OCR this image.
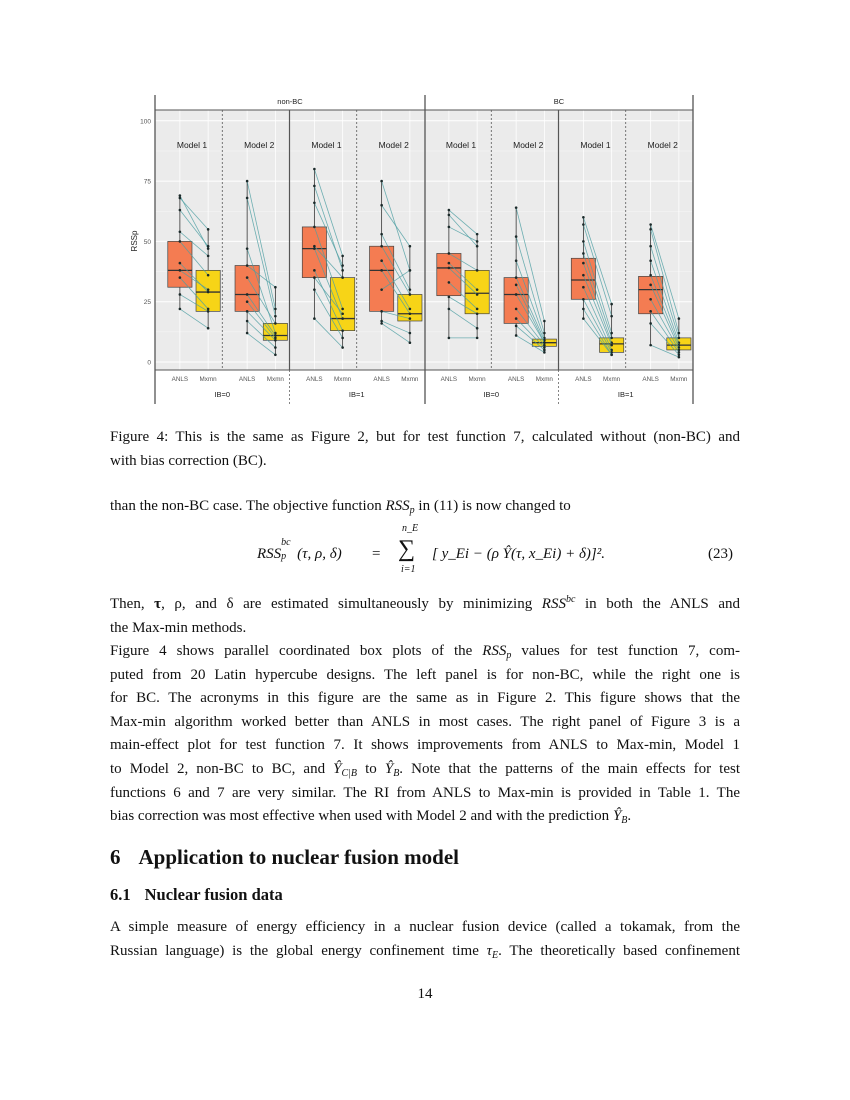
0
25
50
75
100
RSSp
Model 1
ANLS Mxmn
Model 2
ANLS Mxmn
Model 1
ANLS Mxmn
Model 2
ANLS Mxmn
Model 1
ANLS Mxmn
Model 2
ANLS Mxmn
Model 1
ANLS Mxmn
Model 2
ANLS Mxmn
non-BC	BC
IB=0	IB=1	IB=0	IB=1
Figure 4: This is the same as Figure 2, but for test function 7, calculated without (non-BC) and
with bias correction (BC).
than the non-BC case. The objective function $RSS_p$ in (11) is now changed to
RSS
bc
p (τ, ρ, δ) =
n_E
∑
i=1
[ y_Ei − (ρ Ŷ(τ, x_Ei) + δ)]².	(23)
Then, τ, ρ, and δ are estimated simultaneously by minimizing $RSS^{bc}$ in both the ANLS and
the Max-min methods.
Figure 4 shows parallel coordinated box plots of the $RSS_p$ values for test function 7, com-
puted from 20 Latin hypercube designs. The left panel is for non-BC, while the right one is
for BC. The acronyms in this figure are the same as in Figure 2. This figure shows that the
Max-min algorithm worked better than ANLS in most cases. The right panel of Figure 3 is a
main-effect plot for test function 7. It shows improvements from ANLS to Max-min, Model 1
to Model 2, non-BC to BC, and $Ŷ_{C|B}$ to $Ŷ_B$. Note that the patterns of the main effects for test
functions 6 and 7 are very similar. The RI from ANLS to Max-min is provided in Table 1. The
bias correction was most effective when used with Model 2 and with the prediction $Ŷ_B$.
6 Application to nuclear fusion model
6.1 Nuclear fusion data
A simple measure of energy efficiency in a nuclear fusion device (called a tokamak, from the
Russian language) is the global energy confinement time $\tau_E$. The theoretically based confinement
14
